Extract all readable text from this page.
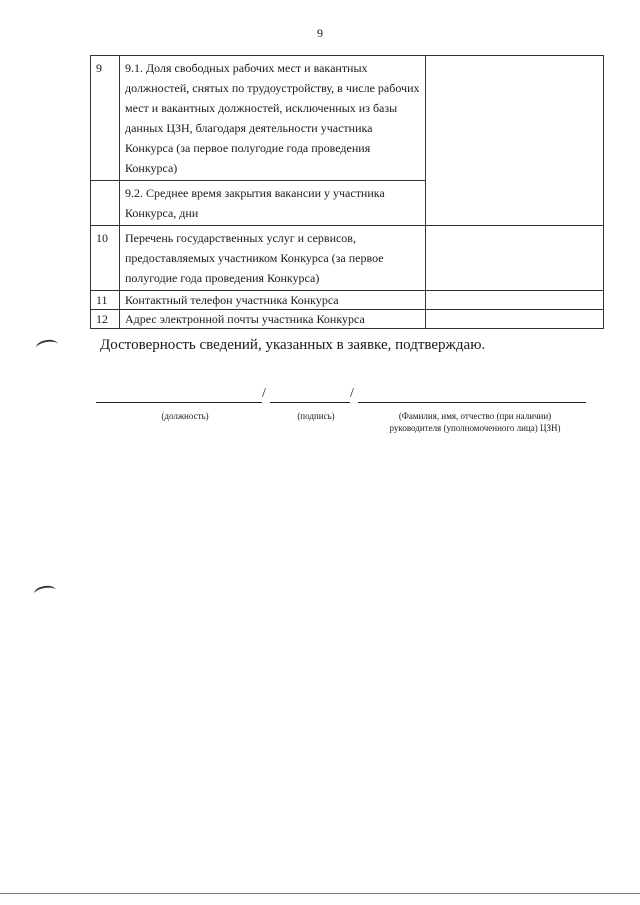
9
9	9.1. Доля свободных рабочих мест и вакантных должностей, снятых по трудоустройству, в числе рабочих мест и вакантных должностей, исключенных из базы данных ЦЗН, благодаря деятельности участника Конкурса (за первое полугодие года проведения Конкурса)	
	9.2. Среднее время закрытия вакансии у участника Конкурса, дни	
10	Перечень государственных услуг и сервисов, предоставляемых участником Конкурса (за первое полугодие года проведения Конкурса)	
11	Контактный телефон участника Конкурса	
12	Адрес электронной почты участника Конкурса	
Достоверность сведений, указанных в заявке, подтверждаю.
/	/
(должность)	(подпись)	(Фамилия, имя, отчество (при наличии)
руководителя (уполномоченного лица) ЦЗН)
